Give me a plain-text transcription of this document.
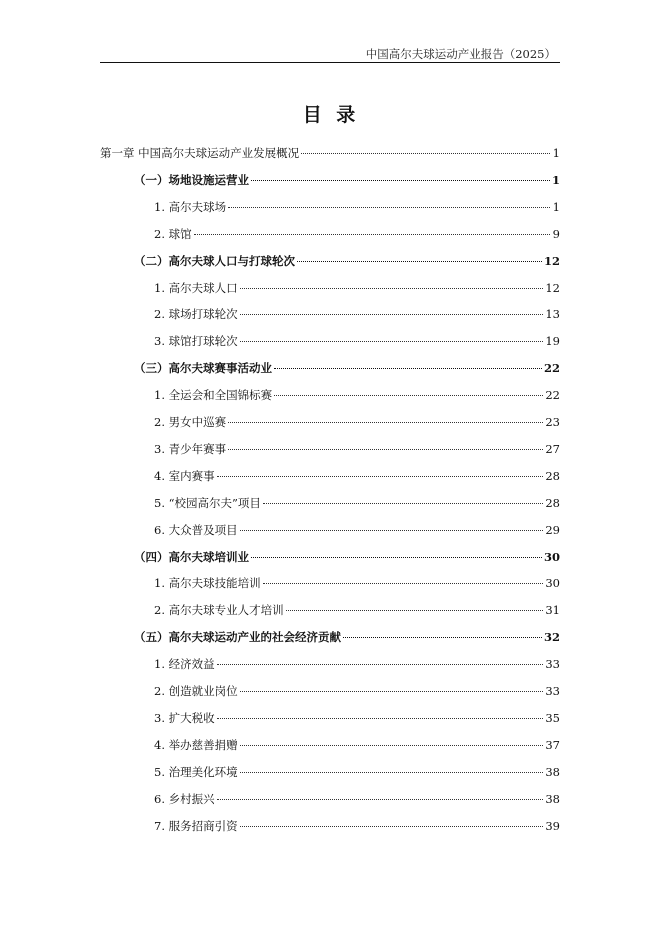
中国高尔夫球运动产业报告（2025）
目 录
第一章 中国高尔夫球运动产业发展概况	1
（一）场地设施运营业	1
1. 高尔夫球场	1
2. 球馆	9
（二）高尔夫球人口与打球轮次	12
1. 高尔夫球人口	12
2. 球场打球轮次	13
3. 球馆打球轮次	19
（三）高尔夫球赛事活动业	22
1. 全运会和全国锦标赛	22
2. 男女中巡赛	23
3. 青少年赛事	27
4. 室内赛事	28
5. “校园高尔夫”项目	28
6. 大众普及项目	29
（四）高尔夫球培训业	30
1. 高尔夫球技能培训	30
2. 高尔夫球专业人才培训	31
（五）高尔夫球运动产业的社会经济贡献	32
1. 经济效益	33
2. 创造就业岗位	33
3. 扩大税收	35
4. 举办慈善捐赠	37
5. 治理美化环境	38
6. 乡村振兴	38
7. 服务招商引资	39
